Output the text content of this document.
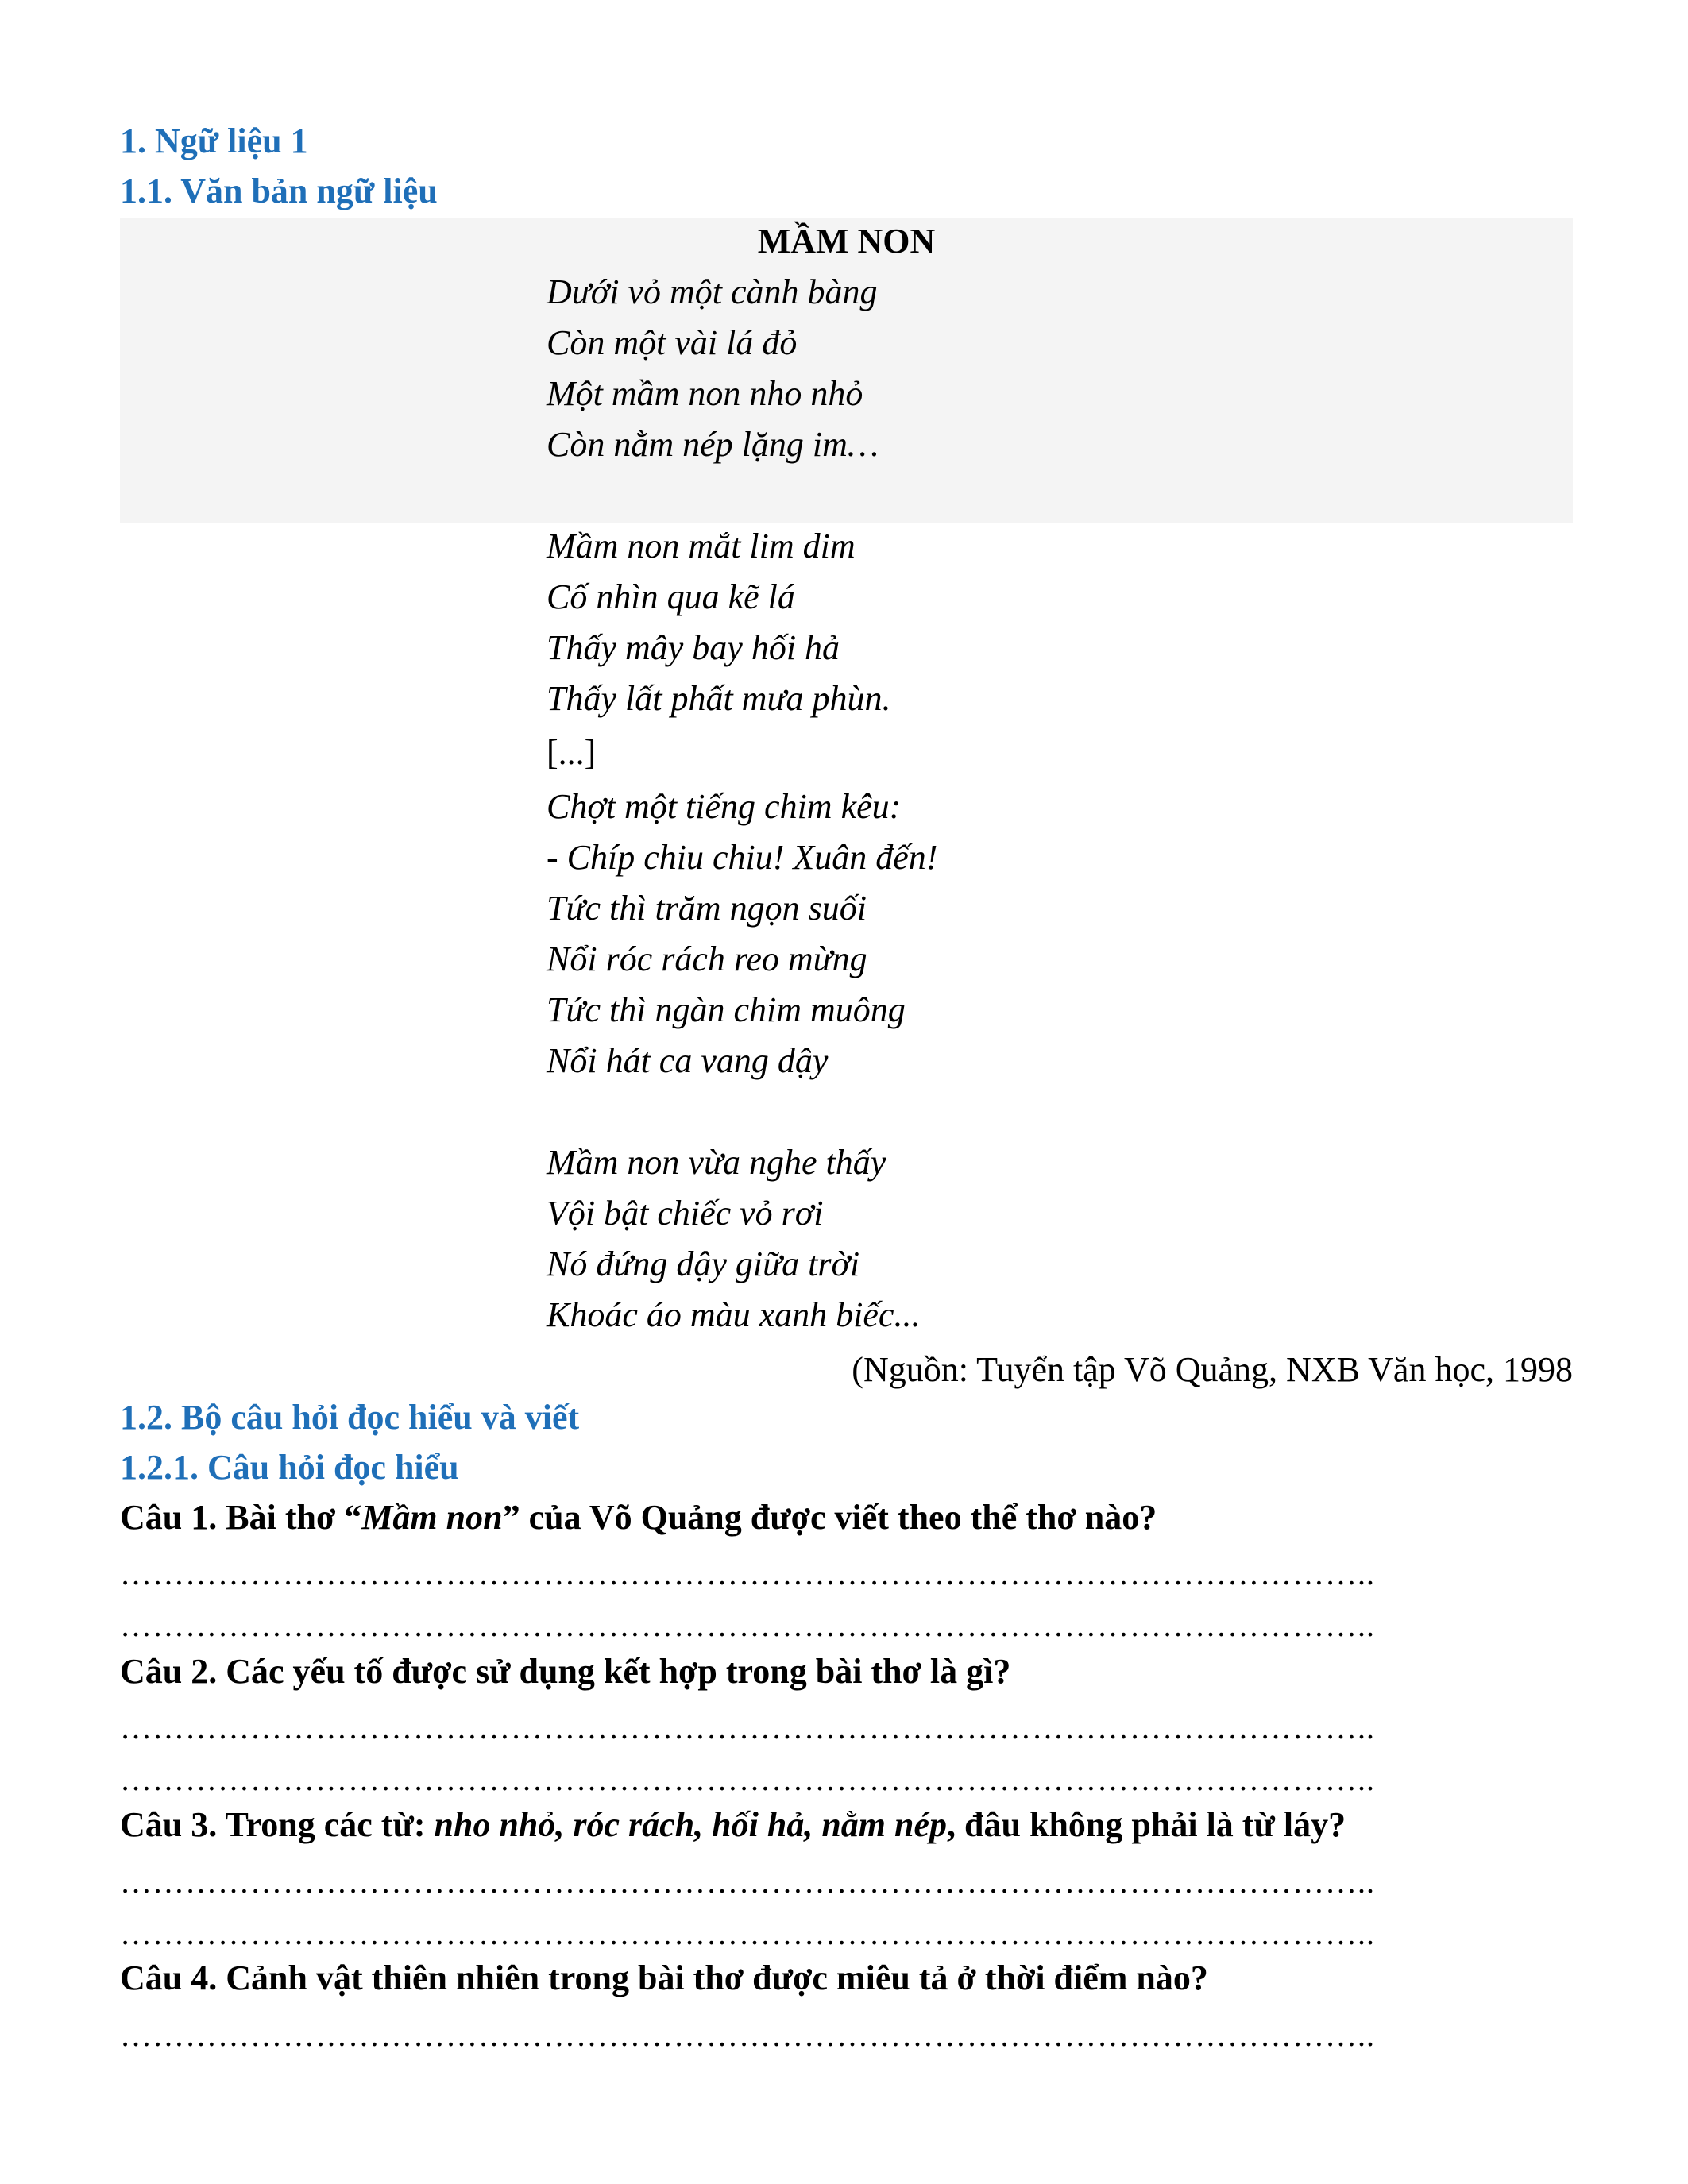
1. Ngữ liệu 1
1.1. Văn bản ngữ liệu
MẦM NON
Dưới vỏ một cành bàng
Còn một vài lá đỏ
Một mầm non nho nhỏ
Còn nằm nép lặng im…
Mầm non mắt lim dim
Cố nhìn qua kẽ lá
Thấy mây bay hối hả
Thấy lất phất mưa phùn.
[...]
Chợt một tiếng chim kêu:
- Chíp chiu chiu! Xuân đến!
Tức thì trăm ngọn suối
Nổi róc rách reo mừng
Tức thì ngàn chim muông
Nổi hát ca vang dậy
Mầm non vừa nghe thấy
Vội bật chiếc vỏ rơi
Nó đứng dậy giữa trời
Khoác áo màu xanh biếc...
(Nguồn: Tuyển tập Võ Quảng, NXB Văn học, 1998
1.2. Bộ câu hỏi đọc hiểu và viết
1.2.1. Câu hỏi đọc hiểu
Câu 1. Bài thơ “Mầm non” của Võ Quảng được viết theo thể thơ nào?
……………………………………………………………………………………………………..
……………………………………………………………………………………………………..
Câu 2. Các yếu tố được sử dụng kết hợp trong bài thơ là gì?
……………………………………………………………………………………………………..
……………………………………………………………………………………………………..
Câu 3. Trong các từ: nho nhỏ, róc rách, hối hả, nằm nép, đâu không phải là từ láy?
……………………………………………………………………………………………………..
……………………………………………………………………………………………………..
Câu 4. Cảnh vật thiên nhiên trong bài thơ được miêu tả ở thời điểm nào?
……………………………………………………………………………………………………..
